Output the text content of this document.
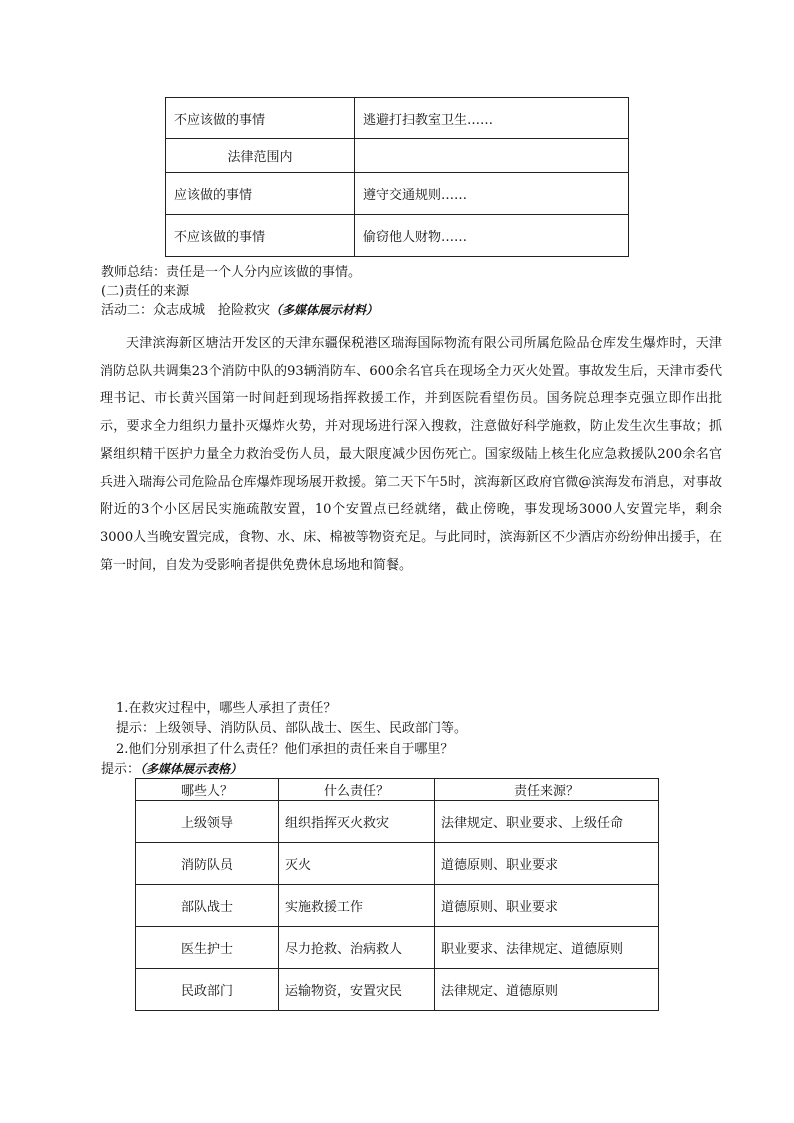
不应该做的事情	逃避打扫教室卫生……
法律范围内	
应该做的事情	遵守交通规则……
不应该做的事情	偷窃他人财物……
教师总结：责任是一个人分内应该做的事情。
(二)责任的来源
活动二：众志成城　抢险救灾（多媒体展示材料）

天津滨海新区塘沽开发区的天津东疆保税港区瑞海国际物流有限公司所属危险品仓库发生爆炸时，天津消防总队共调集23个消防中队的93辆消防车、600余名官兵在现场全力灭火处置。事故发生后，天津市委代理书记、市长黄兴国第一时间赶到现场指挥救援工作，并到医院看望伤员。国务院总理李克强立即作出批示，要求全力组织力量扑灭爆炸火势，并对现场进行深入搜救，注意做好科学施救，防止发生次生事故；抓紧组织精干医护力量全力救治受伤人员，最大限度减少因伤死亡。国家级陆上核生化应急救援队200余名官兵进入瑞海公司危险品仓库爆炸现场展开救援。第二天下午5时，滨海新区政府官微@滨海发布消息，对事故附近的3个小区居民实施疏散安置，10个安置点已经就绪，截止傍晚，事发现场3000人安置完毕，剩余3000人当晚安置完成，食物、水、床、棉被等物资充足。与此同时，滨海新区不少酒店亦纷纷伸出援手，在第一时间，自发为受影响者提供免费休息场地和简餐。

1.在救灾过程中，哪些人承担了责任？
提示：上级领导、消防队员、部队战士、医生、民政部门等。
2.他们分别承担了什么责任？他们承担的责任来自于哪里？
提示：（多媒体展示表格）
哪些人？	什么责任？	责任来源？
上级领导	组织指挥灭火救灾	法律规定、职业要求、上级任命
消防队员	灭火	道德原则、职业要求
部队战士	实施救援工作	道德原则、职业要求
医生护士	尽力抢救、治病救人	职业要求、法律规定、道德原则
民政部门	运输物资，安置灾民	法律规定、道德原则
